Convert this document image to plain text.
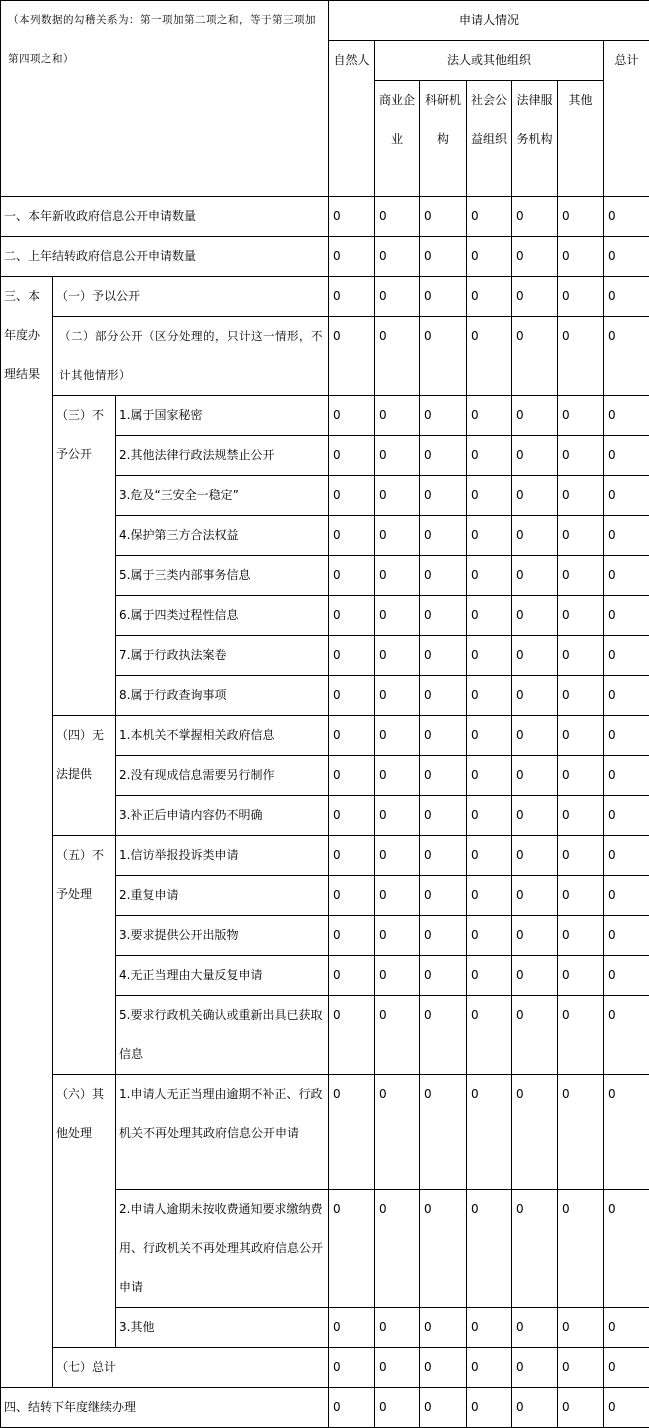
（本列数据的勾稽关系为：第一项加第二项之和，等于第三项加第四项之和）			申请人情况						
			自然人	法人或其他组织					总计
				商业企业	科研机构	社会公益组织	法律服务机构	其他	

一、本年新收政府信息公开申请数量			0	0	0	0	0	0	0
二、上年结转政府信息公开申请数量			0	0	0	0	0	0	0
三、本年度办理结果	（一）予以公开		0	0	0	0	0	0	0
	（二）部分公开（区分处理的，只计这一情形，不计其他情形）		0	0	0	0	0	0	0
	（三）不予公开	1.属于国家秘密	0	0	0	0	0	0	0
		2.其他法律行政法规禁止公开	0	0	0	0	0	0	0
		3.危及“三安全一稳定”	0	0	0	0	0	0	0
		4.保护第三方合法权益	0	0	0	0	0	0	0
		5.属于三类内部事务信息	0	0	0	0	0	0	0
		6.属于四类过程性信息	0	0	0	0	0	0	0
		7.属于行政执法案卷	0	0	0	0	0	0	0
		8.属于行政查询事项	0	0	0	0	0	0	0
	（四）无法提供	1.本机关不掌握相关政府信息	0	0	0	0	0	0	0
		2.没有现成信息需要另行制作	0	0	0	0	0	0	0
		3.补正后申请内容仍不明确	0	0	0	0	0	0	0
	（五）不予处理	1.信访举报投诉类申请	0	0	0	0	0	0	0
		2.重复申请	0	0	0	0	0	0	0
		3.要求提供公开出版物	0	0	0	0	0	0	0
		4.无正当理由大量反复申请	0	0	0	0	0	0	0
		5.要求行政机关确认或重新出具已获取信息	0	0	0	0	0	0	0
	（六）其他处理	1.申请人无正当理由逾期不补正、行政机关不再处理其政府信息公开申请	0	0	0	0	0	0	0
		2.申请人逾期未按收费通知要求缴纳费用、行政机关不再处理其政府信息公开申请	0	0	0	0	0	0	0
		3.其他	0	0	0	0	0	0	0
	（七）总计		0	0	0	0	0	0	0
四、结转下年度继续办理			0	0	0	0	0	0	0
